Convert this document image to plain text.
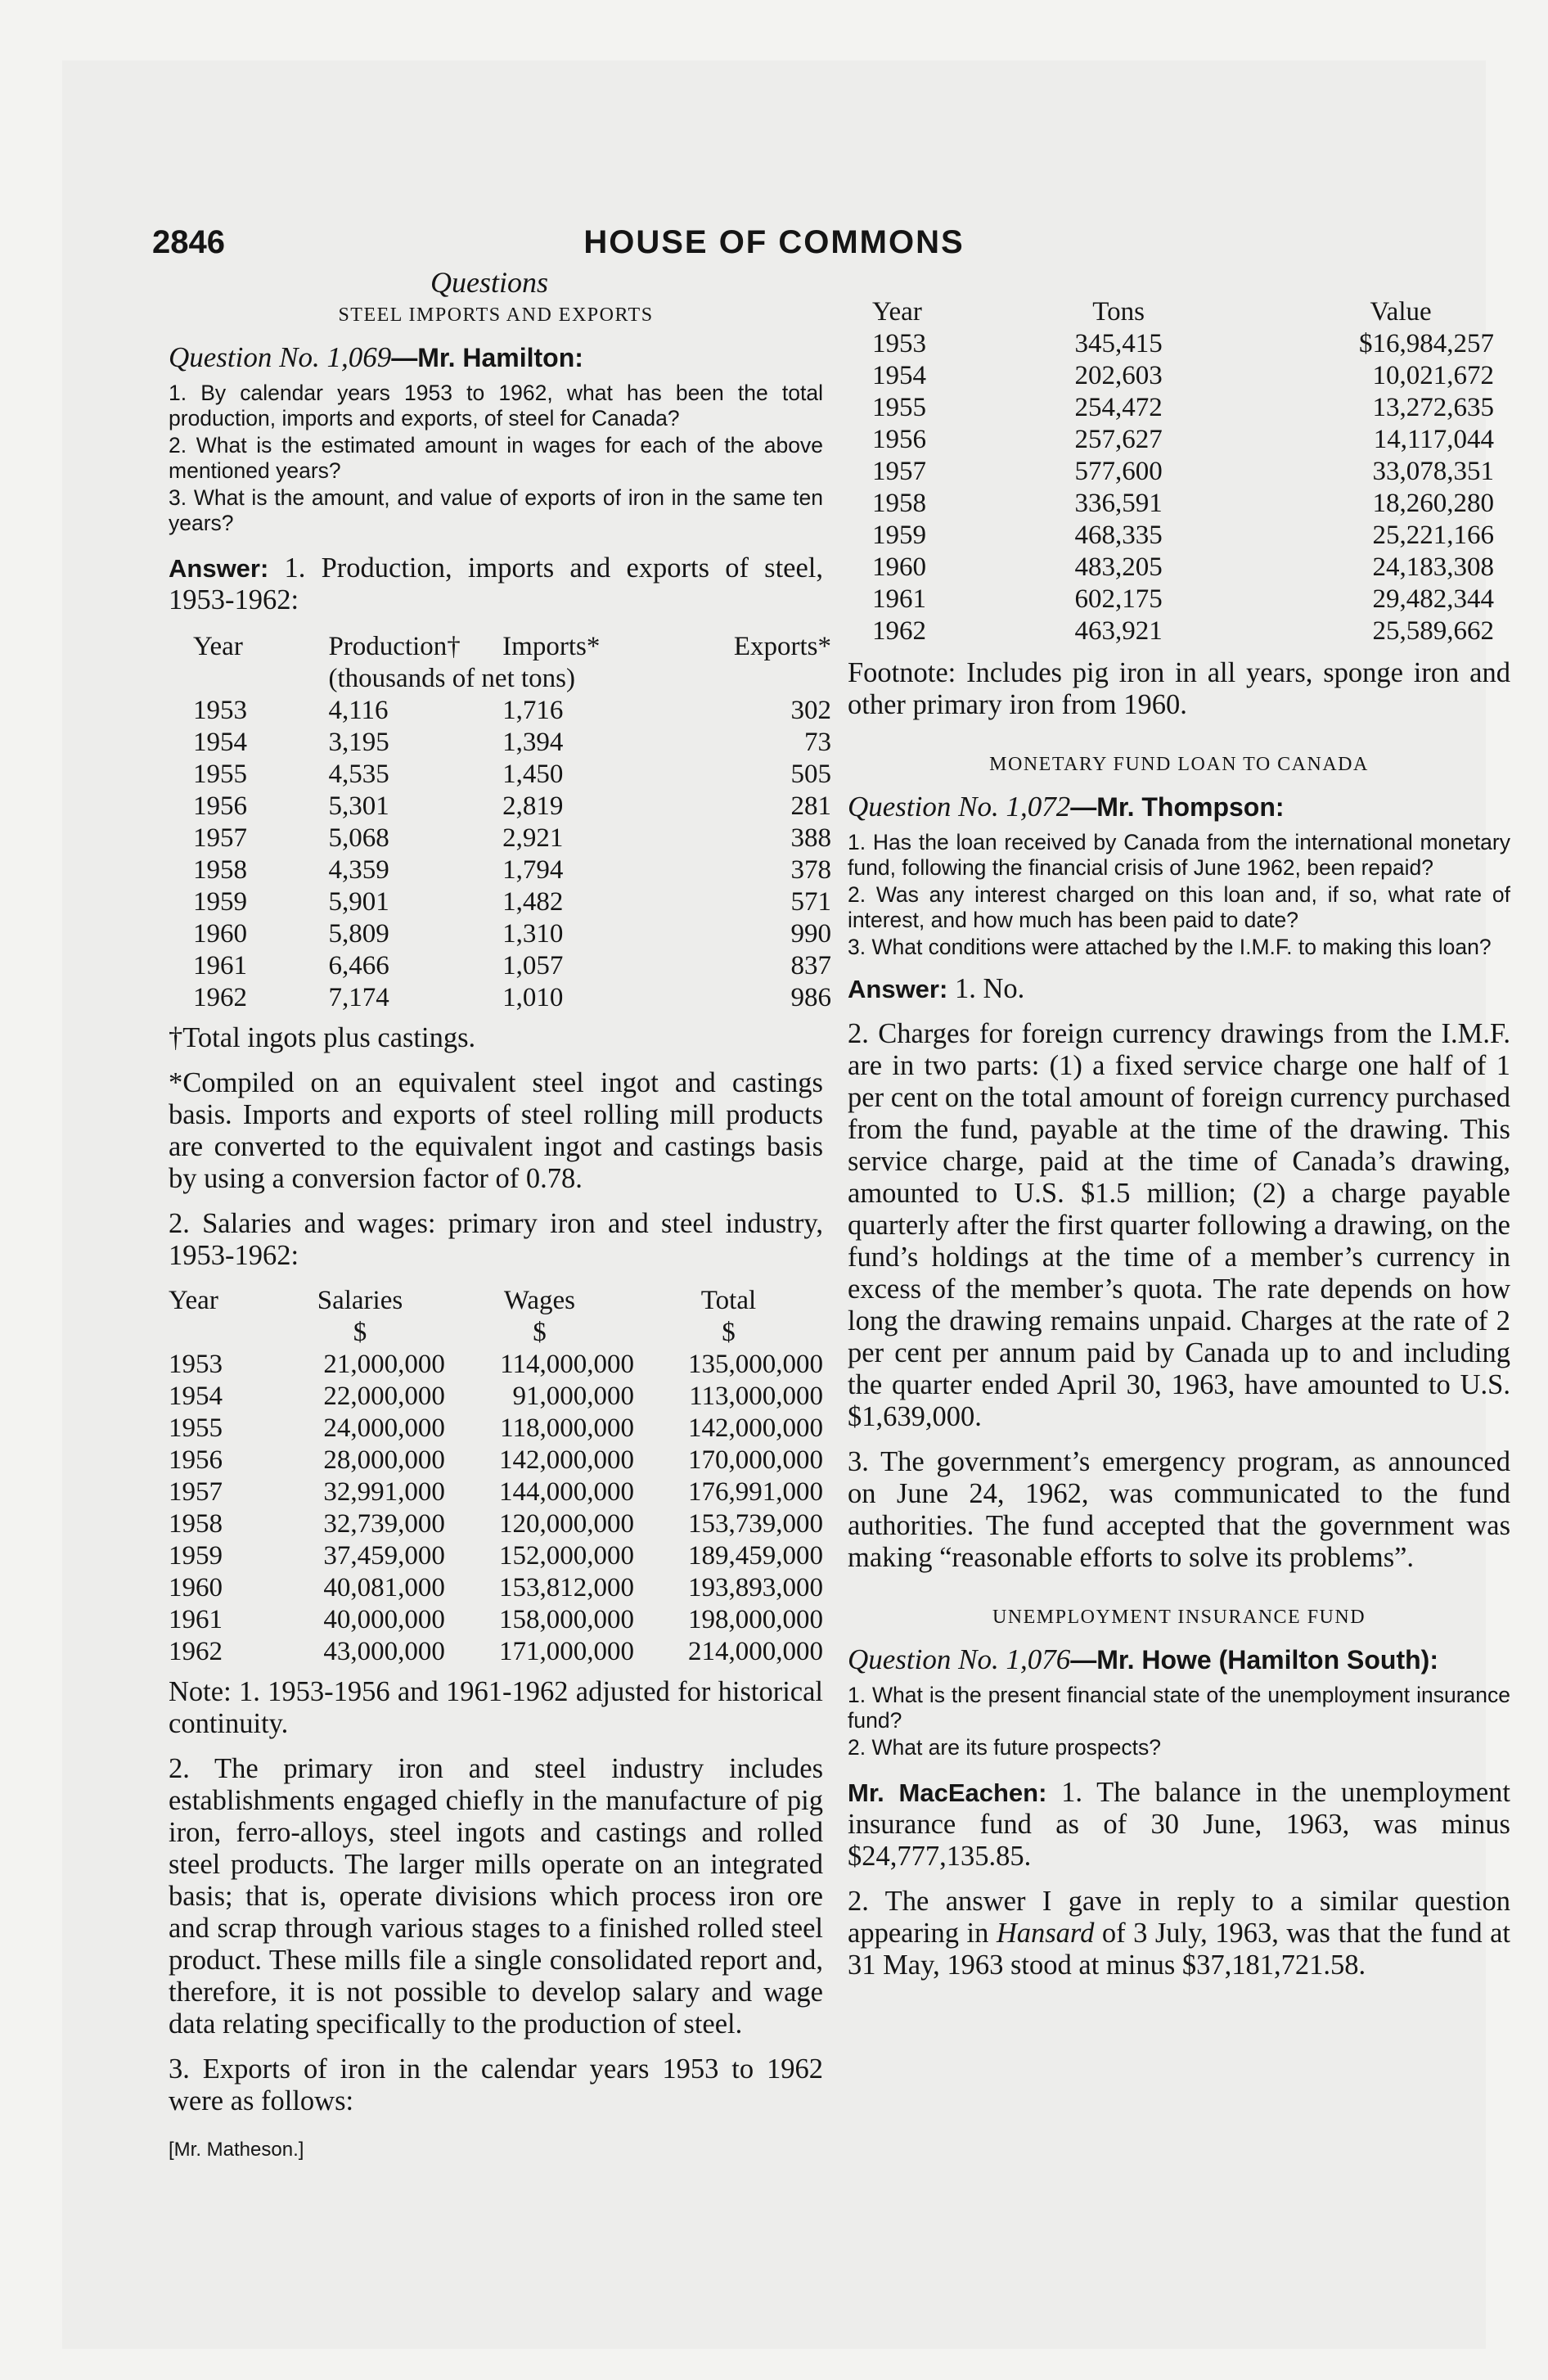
2846	HOUSE OF COMMONS
Questions
STEEL IMPORTS AND EXPORTS
Question No. 1,069—Mr. Hamilton:

1. By calendar years 1953 to 1962, what has been the total production, imports and exports, of steel for Canada?

2. What is the estimated amount in wages for each of the above mentioned years?

3. What is the amount, and value of exports of iron in the same ten years?

Answer: 1. Production, imports and exports of steel, 1953-1962:

Year	Production†	Imports*	Exports*
	(thousands of net tons)		
1953	4,116	1,716	302
1954	3,195	1,394	73
1955	4,535	1,450	505
1956	5,301	2,819	281
1957	5,068	2,921	388
1958	4,359	1,794	378
1959	5,901	1,482	571
1960	5,809	1,310	990
1961	6,466	1,057	837
1962	7,174	1,010	986

†Total ingots plus castings.

*Compiled on an equivalent steel ingot and castings basis. Imports and exports of steel rolling mill products are converted to the equivalent ingot and castings basis by using a conversion factor of 0.78.

2. Salaries and wages: primary iron and steel industry, 1953-1962:

Year	Salaries	Wages	Total
	$	$	$
1953	21,000,000	114,000,000	135,000,000
1954	22,000,000	91,000,000	113,000,000
1955	24,000,000	118,000,000	142,000,000
1956	28,000,000	142,000,000	170,000,000
1957	32,991,000	144,000,000	176,991,000
1958	32,739,000	120,000,000	153,739,000
1959	37,459,000	152,000,000	189,459,000
1960	40,081,000	153,812,000	193,893,000
1961	40,000,000	158,000,000	198,000,000
1962	43,000,000	171,000,000	214,000,000

Note: 1. 1953-1956 and 1961-1962 adjusted for historical continuity.

2. The primary iron and steel industry includes establishments engaged chiefly in the manufacture of pig iron, ferro-alloys, steel ingots and castings and rolled steel products. The larger mills operate on an integrated basis; that is, operate divisions which process iron ore and scrap through various stages to a finished rolled steel product. These mills file a single consolidated report and, therefore, it is not possible to develop salary and wage data relating specifically to the production of steel.

3. Exports of iron in the calendar years 1953 to 1962 were as follows:

[Mr. Matheson.]
Year	Tons	Value
1953	345,415	$16,984,257
1954	202,603	10,021,672
1955	254,472	13,272,635
1956	257,627	14,117,044
1957	577,600	33,078,351
1958	336,591	18,260,280
1959	468,335	25,221,166
1960	483,205	24,183,308
1961	602,175	29,482,344
1962	463,921	25,589,662

Footnote: Includes pig iron in all years, sponge iron and other primary iron from 1960.

MONETARY FUND LOAN TO CANADA
Question No. 1,072—Mr. Thompson:

1. Has the loan received by Canada from the international monetary fund, following the financial crisis of June 1962, been repaid?

2. Was any interest charged on this loan and, if so, what rate of interest, and how much has been paid to date?

3. What conditions were attached by the I.M.F. to making this loan?

Answer: 1. No.

2. Charges for foreign currency drawings from the I.M.F. are in two parts: (1) a fixed service charge one half of 1 per cent on the total amount of foreign currency purchased from the fund, payable at the time of the drawing. This service charge, paid at the time of Canada’s drawing, amounted to U.S. $1.5 million; (2) a charge payable quarterly after the first quarter following a drawing, on the fund’s holdings at the time of a member’s currency in excess of the member’s quota. The rate depends on how long the drawing remains unpaid. Charges at the rate of 2 per cent per annum paid by Canada up to and including the quarter ended April 30, 1963, have amounted to U.S. $1,639,000.

3. The government’s emergency program, as announced on June 24, 1962, was communicated to the fund authorities. The fund accepted that the government was making “reasonable efforts to solve its problems”.

UNEMPLOYMENT INSURANCE FUND
Question No. 1,076—Mr. Howe (Hamilton South):

1. What is the present financial state of the unemployment insurance fund?

2. What are its future prospects?

Mr. MacEachen: 1. The balance in the unemployment insurance fund as of 30 June, 1963, was minus $24,777,135.85.

2. The answer I gave in reply to a similar question appearing in Hansard of 3 July, 1963, was that the fund at 31 May, 1963 stood at minus $37,181,721.58.
